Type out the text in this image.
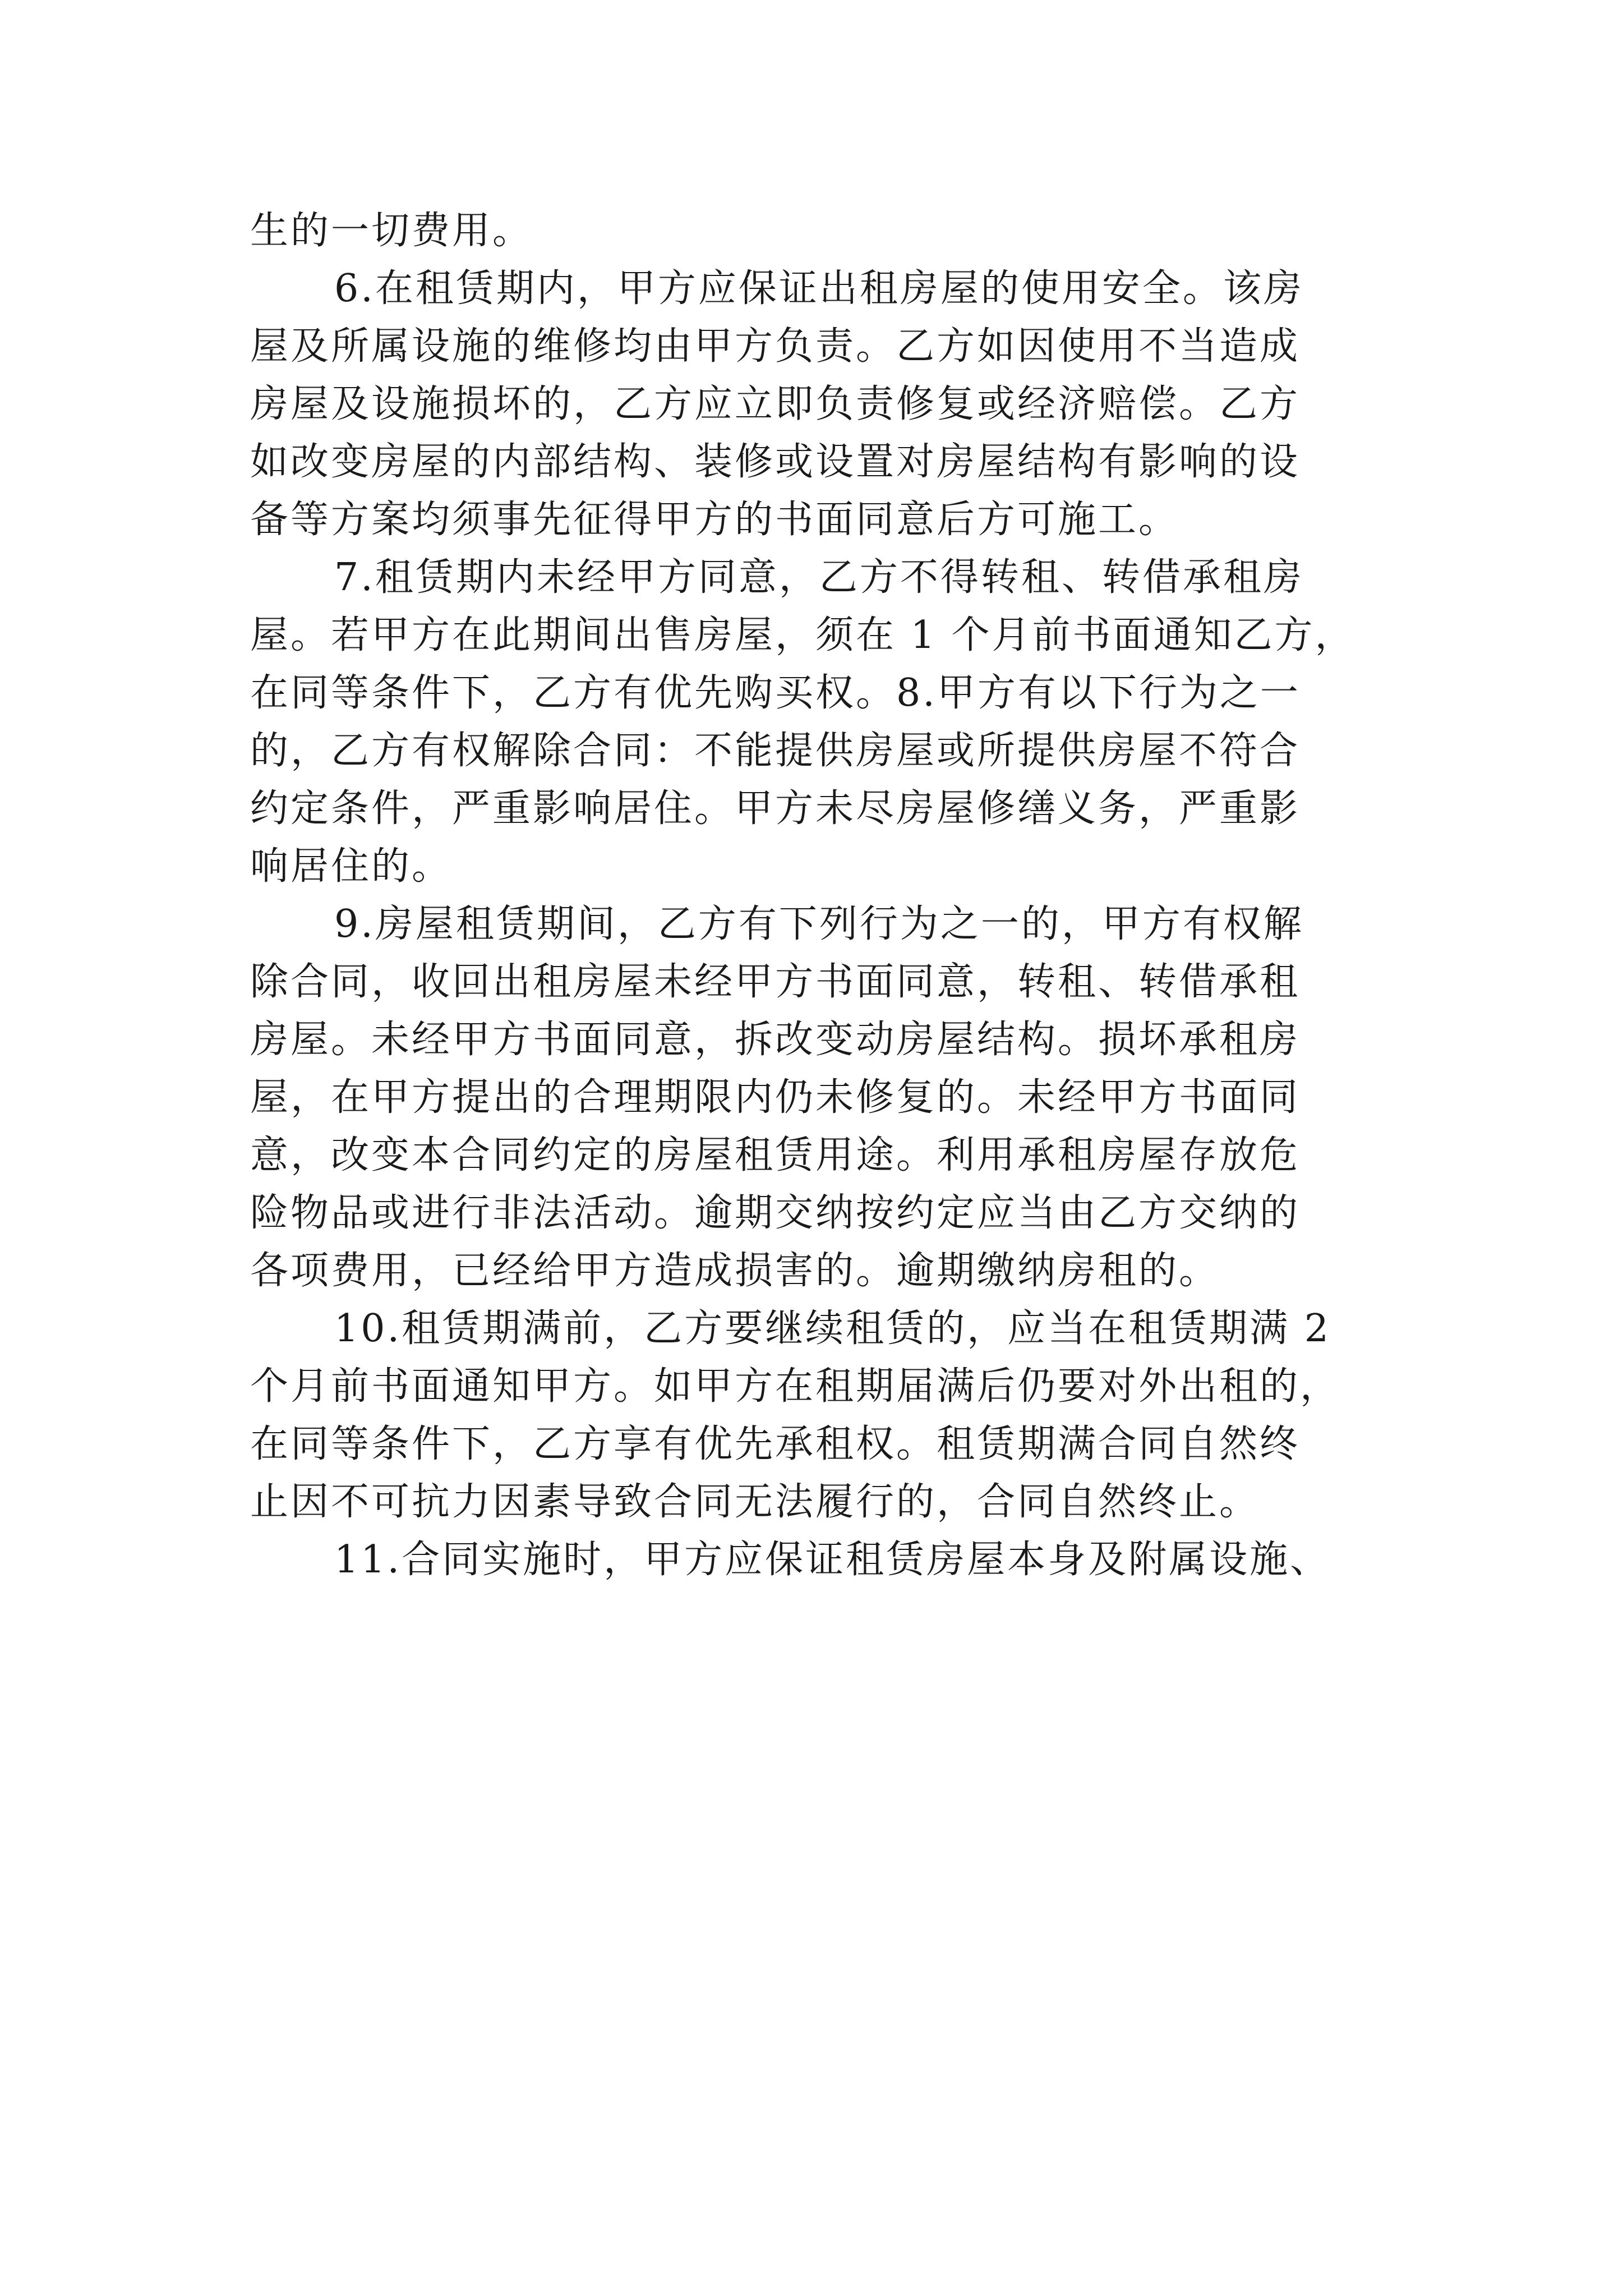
生的一切费用。
6.在租赁期内，甲方应保证出租房屋的使用安全。该房
屋及所属设施的维修均由甲方负责。乙方如因使用不当造成
房屋及设施损坏的，乙方应立即负责修复或经济赔偿。乙方
如改变房屋的内部结构、装修或设置对房屋结构有影响的设
备等方案均须事先征得甲方的书面同意后方可施工。
7.租赁期内未经甲方同意，乙方不得转租、转借承租房
屋。若甲方在此期间出售房屋，须在 1 个月前书面通知乙方，
在同等条件下，乙方有优先购买权。8.甲方有以下行为之一
的，乙方有权解除合同：不能提供房屋或所提供房屋不符合
约定条件，严重影响居住。甲方未尽房屋修缮义务，严重影
响居住的。
9.房屋租赁期间，乙方有下列行为之一的，甲方有权解
除合同，收回出租房屋未经甲方书面同意，转租、转借承租
房屋。未经甲方书面同意，拆改变动房屋结构。损坏承租房
屋，在甲方提出的合理期限内仍未修复的。未经甲方书面同
意，改变本合同约定的房屋租赁用途。利用承租房屋存放危
险物品或进行非法活动。逾期交纳按约定应当由乙方交纳的
各项费用，已经给甲方造成损害的。逾期缴纳房租的。
10.租赁期满前，乙方要继续租赁的，应当在租赁期满 2
个月前书面通知甲方。如甲方在租期届满后仍要对外出租的，
在同等条件下，乙方享有优先承租权。租赁期满合同自然终
止因不可抗力因素导致合同无法履行的，合同自然终止。
11.合同实施时，甲方应保证租赁房屋本身及附属设施、
